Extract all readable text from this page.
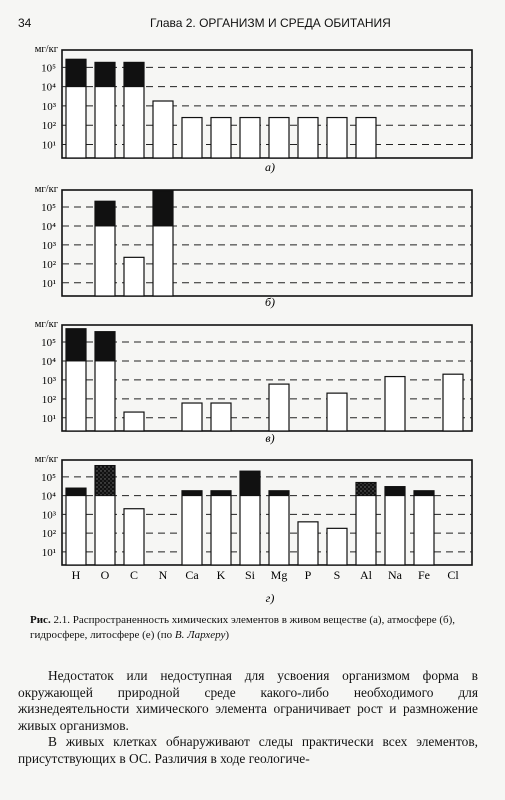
34	Глава 2. ОРГАНИЗМ И СРЕДА ОБИТАНИЯ
10⁵
10⁴
10³
10²
10¹
мг/кг
а)
10⁵
10⁴
10³
10²
10¹
мг/кг
б)
10⁵
10⁴
10³
10²
10¹
мг/кг
в)
10⁵
10⁴
10³
10²
10¹
мг/кг
H O C N Ca K Si Mg P S Al Na Fe Cl
г)
Рис. 2.1. Распространенность химических элементов в живом веществе (а), атмосфере (б), гидросфере, литосфере (е) (по В. Лархеру)

Недостаток или недоступная для усвоения организмом форма в окружающей природной среде какого-либо необходимого для жизнедеятельности химического элемента ограничивает рост и размножение живых организмов.

В живых клетках обнаруживают следы практически всех элементов, присутствующих в ОС. Различия в ходе геологиче-
